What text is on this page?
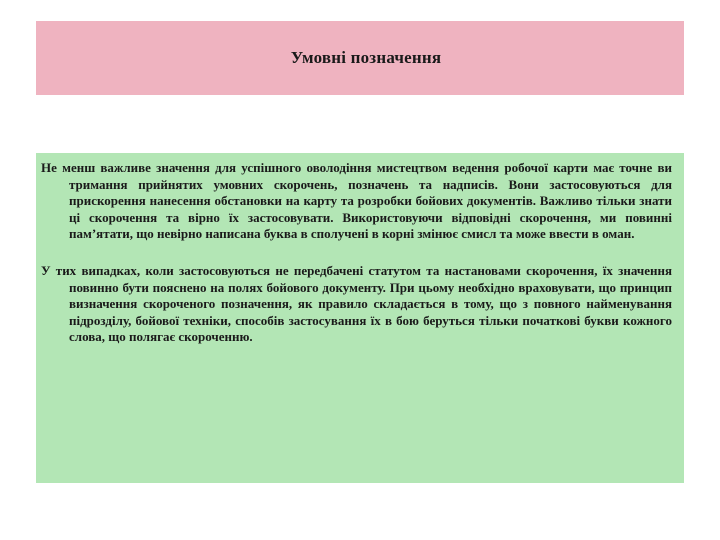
Умовні позначення

Не менш важливе значення для успішного оволодіння мистецтвом ведення робочої карти має точне ви тримання прийнятих умовних скорочень, позначень та надписів. Вони застосовуються для прискорення нанесення обстановки на карту та розробки бойових документів. Важливо тільки знати ці скорочення та вірно їх застосовувати. Використовуючи відповідні скорочення, ми повинні пам’ятати, що невірно написана буква в сполучені в корні змінює смисл та може ввести в оман.

У тих випадках, коли застосовуються не передбачені статутом та настановами скорочення, їх значення повинно бути пояснено на полях бойового документу. При цьому необхідно враховувати, що принцип визначення скороченого позначення, як правило складається в тому, що з повного найменування підрозділу, бойової техніки, способів застосування їх в бою беруться тільки початкові букви кожного слова, що полягає скороченню.
